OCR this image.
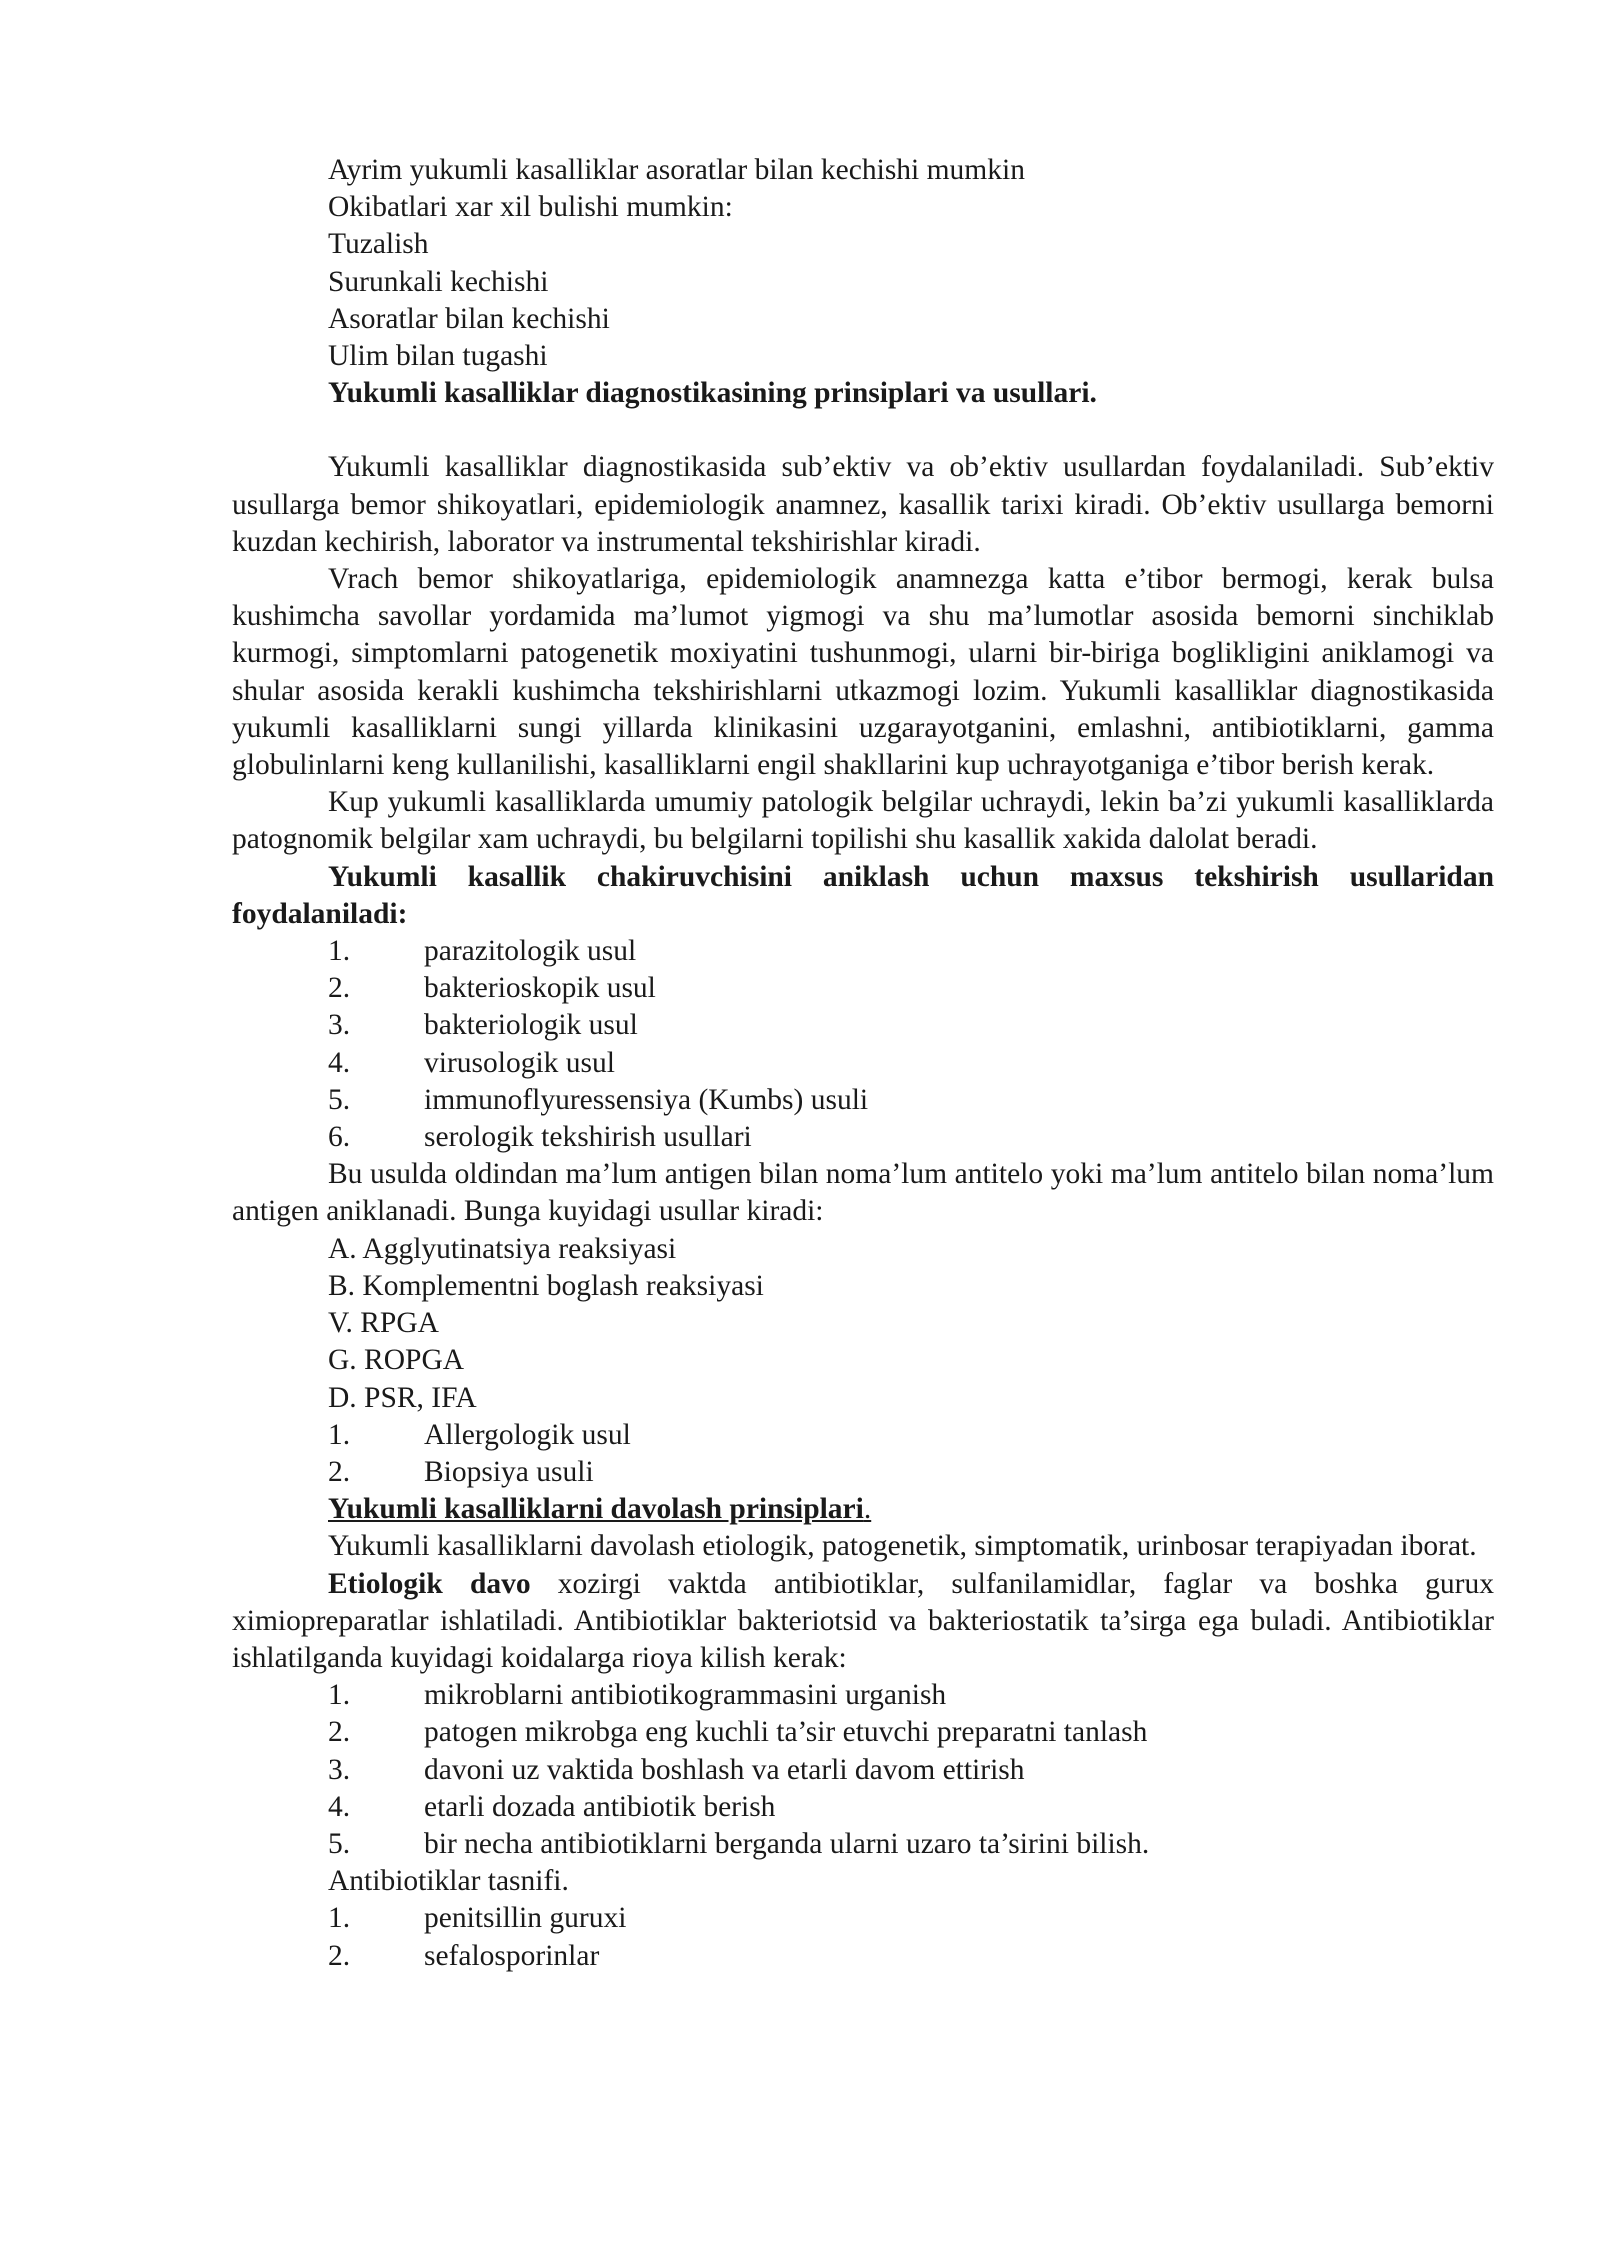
Ayrim yukumli kasalliklar asoratlar bilan kechishi mumkin
Okibatlari xar xil bulishi mumkin:
Tuzalish
Surunkali kechishi
Asoratlar bilan kechishi
Ulim bilan tugashi
Yukumli kasalliklar diagnostikasining prinsiplari va usullari.
Yukumli kasalliklar diagnostikasida sub’ektiv va ob’ektiv usullardan foydalaniladi. Sub’ektiv usullarga bemor shikoyatlari, epidemiologik anamnez, kasallik tarixi kiradi. Ob’ektiv usullarga bemorni kuzdan kechirish, laborator va instrumental tekshirishlar kiradi.
Vrach bemor shikoyatlariga, epidemiologik anamnezga katta e’tibor bermogi, kerak bulsa kushimcha savollar yordamida ma’lumot yigmogi va shu ma’lumotlar asosida bemorni sinchiklab kurmogi, simptomlarni patogenetik moxiyatini tushunmogi, ularni bir-biriga boglikligini aniklamogi va shular asosida kerakli kushimcha tekshirishlarni utkazmogi lozim. Yukumli kasalliklar diagnostikasida yukumli kasalliklarni sungi yillarda klinikasini uzgarayotganini, emlashni, antibiotiklarni, gamma globulinlarni keng kullanilishi, kasalliklarni engil shakllarini kup uchrayotganiga e’tibor berish kerak.
Kup yukumli kasalliklarda umumiy patologik belgilar uchraydi, lekin ba’zi yukumli kasalliklarda patognomik belgilar xam uchraydi, bu belgilarni topilishi shu kasallik xakida dalolat beradi.
Yukumli kasallik chakiruvchisini aniklash uchun maxsus tekshirish usullaridan foydalaniladi:
1.	parazitologik usul
2.	bakterioskopik usul
3.	bakteriologik usul
4.	virusologik usul
5.	immunoflyuressensiya (Kumbs) usuli
6.	serologik tekshirish usullari
Bu usulda oldindan ma’lum antigen bilan noma’lum antitelo yoki ma’lum antitelo bilan noma’lum antigen aniklanadi. Bunga kuyidagi usullar kiradi:
A. Agglyutinatsiya reaksiyasi
B. Komplementni boglash reaksiyasi
V. RPGA
G. ROPGA
D. PSR, IFA
1.	Allergologik usul
2.	Biopsiya usuli
Yukumli kasalliklarni davolash prinsiplari.
Yukumli kasalliklarni davolash etiologik, patogenetik, simptomatik, urinbosar terapiyadan iborat.
Etiologik davo xozirgi vaktda antibiotiklar, sulfanilamidlar, faglar va boshka gurux ximiopreparatlar ishlatiladi. Antibiotiklar bakteriotsid va bakteriostatik ta’sirga ega buladi. Antibiotiklar ishlatilganda kuyidagi koidalarga rioya kilish kerak:
1.	mikroblarni antibiotikogrammasini urganish
2.	patogen mikrobga eng kuchli ta’sir etuvchi preparatni tanlash
3.	davoni uz vaktida boshlash va etarli davom ettirish
4.	etarli dozada antibiotik berish
5.	bir necha antibiotiklarni berganda ularni uzaro ta’sirini bilish.
Antibiotiklar tasnifi.
1.	penitsillin guruxi
2.	sefalosporinlar
